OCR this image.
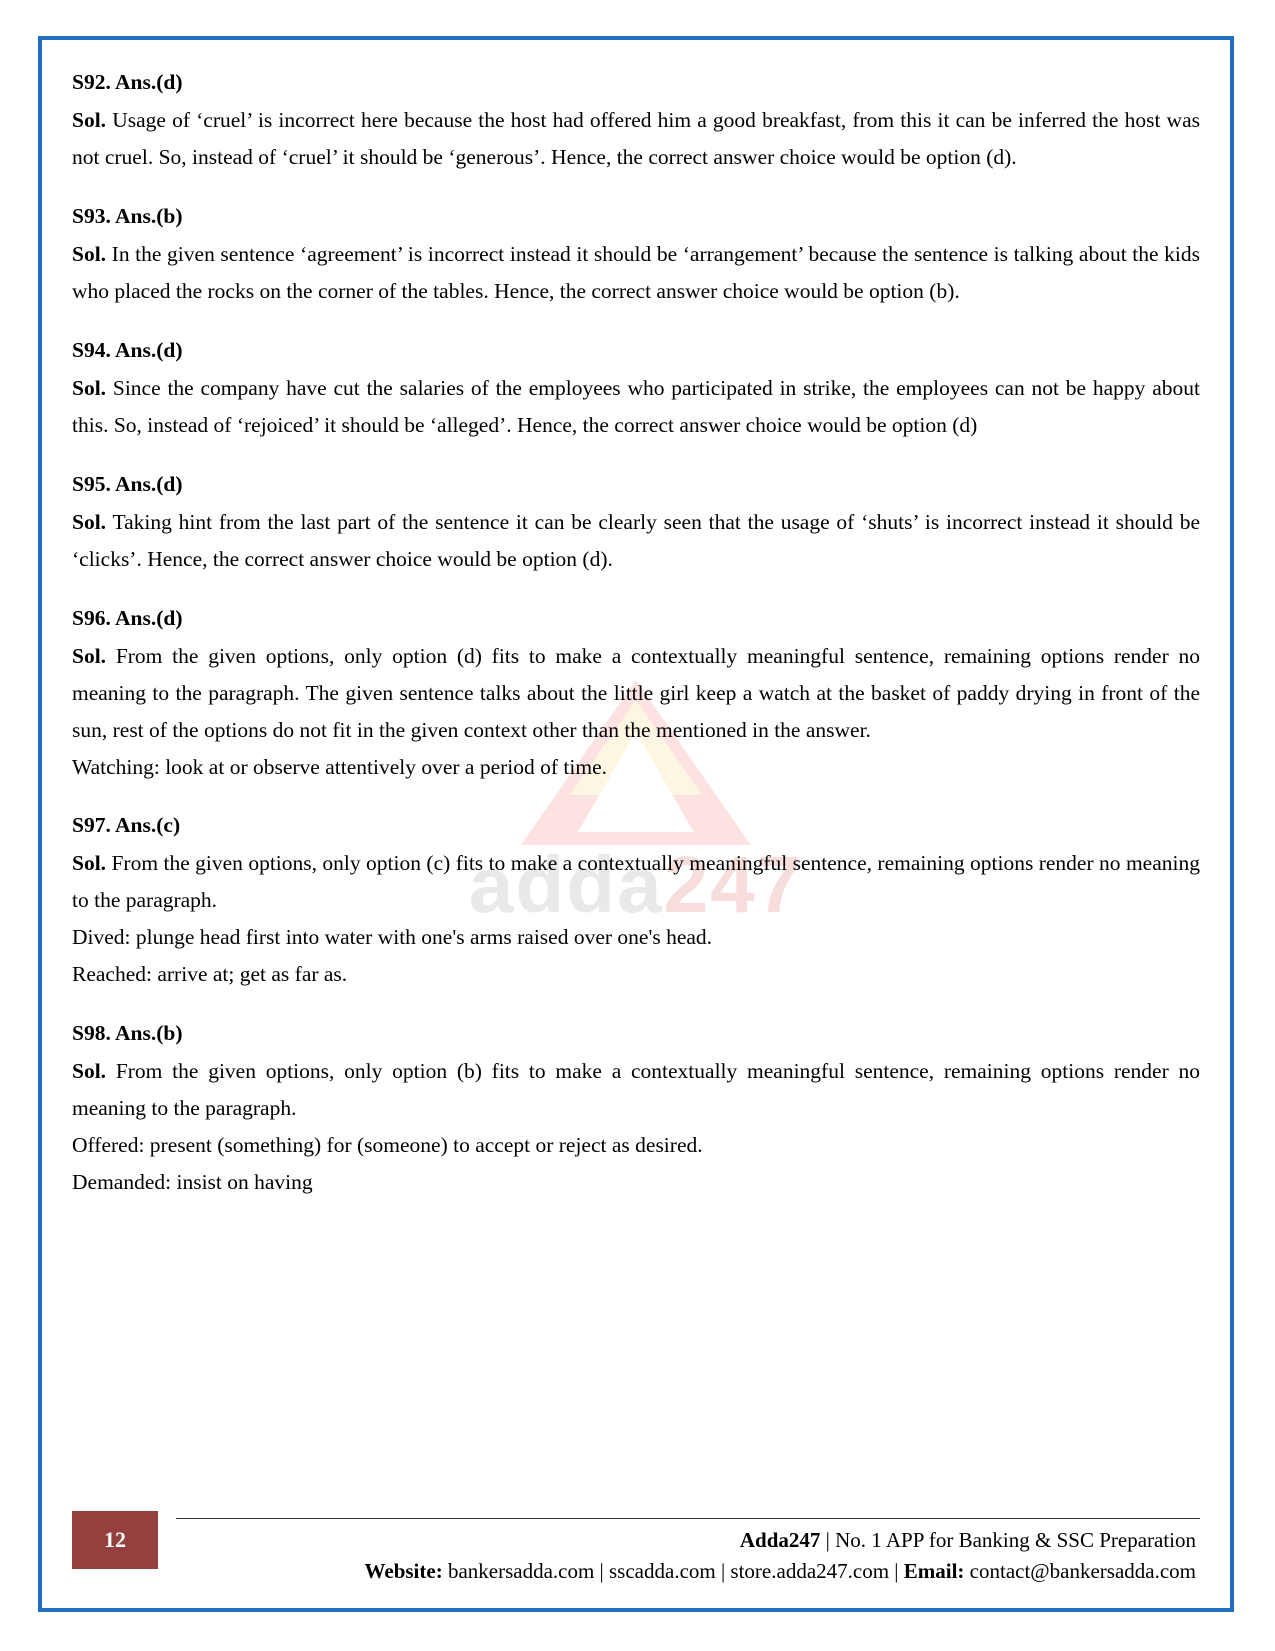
adda247
S92. Ans.(d)
Sol. Usage of ‘cruel’ is incorrect here because the host had offered him a good breakfast, from this it can be inferred the host was not cruel. So, instead of ‘cruel’ it should be ‘generous’. Hence, the correct answer choice would be option (d).
S93. Ans.(b)
Sol. In the given sentence ‘agreement’ is incorrect instead it should be ‘arrangement’ because the sentence is talking about the kids who placed the rocks on the corner of the tables. Hence, the correct answer choice would be option (b).
S94. Ans.(d)
Sol. Since the company have cut the salaries of the employees who participated in strike, the employees can not be happy about this. So, instead of ‘rejoiced’ it should be ‘alleged’. Hence, the correct answer choice would be option (d)
S95. Ans.(d)
Sol. Taking hint from the last part of the sentence it can be clearly seen that the usage of ‘shuts’ is incorrect instead it should be ‘clicks’. Hence, the correct answer choice would be option (d).
S96. Ans.(d)
Sol. From the given options, only option (d) fits to make a contextually meaningful sentence, remaining options render no meaning to the paragraph. The given sentence talks about the little girl keep a watch at the basket of paddy drying in front of the sun, rest of the options do not fit in the given context other than the mentioned in the answer.
Watching: look at or observe attentively over a period of time.
S97. Ans.(c)
Sol. From the given options, only option (c) fits to make a contextually meaningful sentence, remaining options render no meaning to the paragraph.
Dived: plunge head first into water with one's arms raised over one's head.
Reached: arrive at; get as far as.
S98. Ans.(b)
Sol. From the given options, only option (b) fits to make a contextually meaningful sentence, remaining options render no meaning to the paragraph.
Offered: present (something) for (someone) to accept or reject as desired.
Demanded: insist on having
12	Adda247 | No. 1 APP for Banking & SSC Preparation
Website: bankersadda.com | sscadda.com | store.adda247.com | Email: contact@bankersadda.com
